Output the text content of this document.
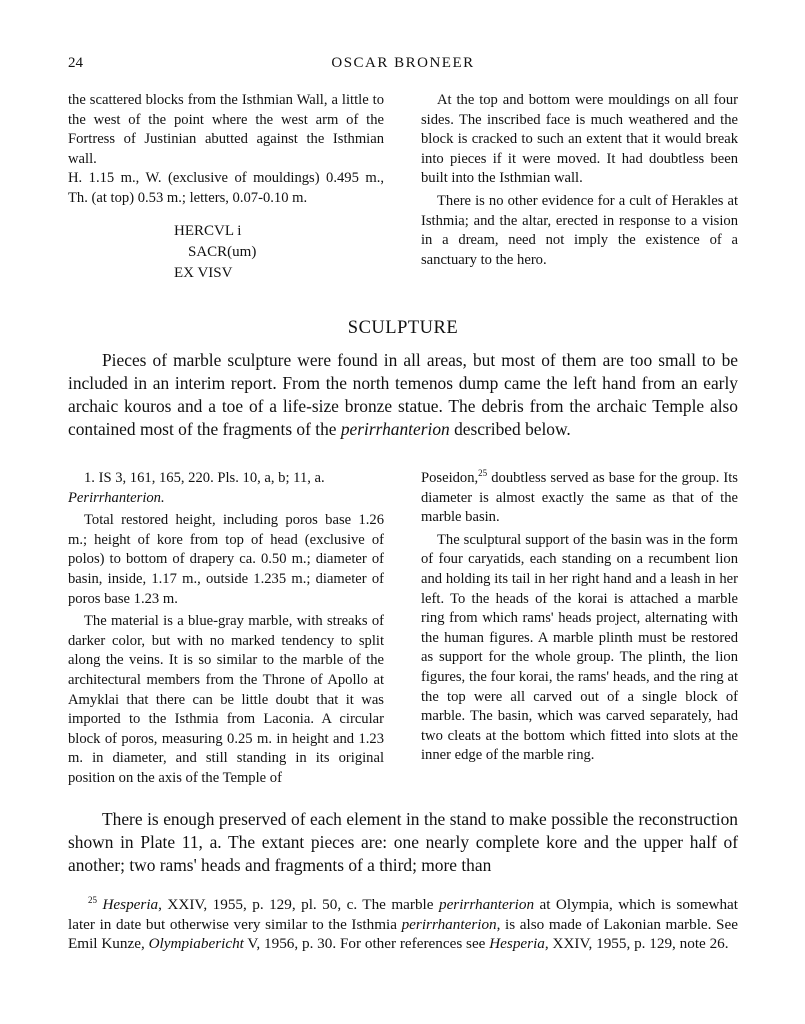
24	OSCAR BRONEER

the scattered blocks from the Isthmian Wall, a little to the west of the point where the west arm of the Fortress of Justinian abutted against the Isthmian wall.

H. 1.15 m., W. (exclusive of mouldings) 0.495 m., Th. (at top) 0.53 m.; letters, 0.07-0.10 m.

HERCVL i
SACR(um)
EX VISV

At the top and bottom were mouldings on all four sides. The inscribed face is much weathered and the block is cracked to such an extent that it would break into pieces if it were moved. It had doubtless been built into the Isthmian wall.

There is no other evidence for a cult of Herakles at Isthmia; and the altar, erected in response to a vision in a dream, need not imply the existence of a sanctuary to the hero.

SCULPTURE

Pieces of marble sculpture were found in all areas, but most of them are too small to be included in an interim report. From the north temenos dump came the left hand from an early archaic kouros and a toe of a life-size bronze statue. The debris from the archaic Temple also contained most of the fragments of the perirrhanterion described below.

1. IS 3, 161, 165, 220. Pls. 10, a, b; 11, a.

Perirrhanterion.

Total restored height, including poros base 1.26 m.; height of kore from top of head (exclusive of polos) to bottom of drapery ca. 0.50 m.; diameter of basin, inside, 1.17 m., outside 1.235 m.; diameter of poros base 1.23 m.

The material is a blue-gray marble, with streaks of darker color, but with no marked tendency to split along the veins. It is so similar to the marble of the architectural members from the Throne of Apollo at Amyklai that there can be little doubt that it was imported to the Isthmia from Laconia. A circular block of poros, measuring 0.25 m. in height and 1.23 m. in diameter, and still standing in its original position on the axis of the Temple of

Poseidon,$^{25}$ doubtless served as base for the group. Its diameter is almost exactly the same as that of the marble basin.

The sculptural support of the basin was in the form of four caryatids, each standing on a recumbent lion and holding its tail in her right hand and a leash in her left. To the heads of the korai is attached a marble ring from which rams' heads project, alternating with the human figures. A marble plinth must be restored as support for the whole group. The plinth, the lion figures, the four korai, the rams' heads, and the ring at the top were all carved out of a single block of marble. The basin, which was carved separately, had two cleats at the bottom which fitted into slots at the inner edge of the marble ring.

There is enough preserved of each element in the stand to make possible the reconstruction shown in Plate 11, a. The extant pieces are: one nearly complete kore and the upper half of another; two rams' heads and fragments of a third; more than

$^{25}$ Hesperia, XXIV, 1955, p. 129, pl. 50, c. The marble perirrhanterion at Olympia, which is somewhat later in date but otherwise very similar to the Isthmia perirrhanterion, is also made of Lakonian marble. See Emil Kunze, Olympiabericht V, 1956, p. 30. For other references see Hesperia, XXIV, 1955, p. 129, note 26.
